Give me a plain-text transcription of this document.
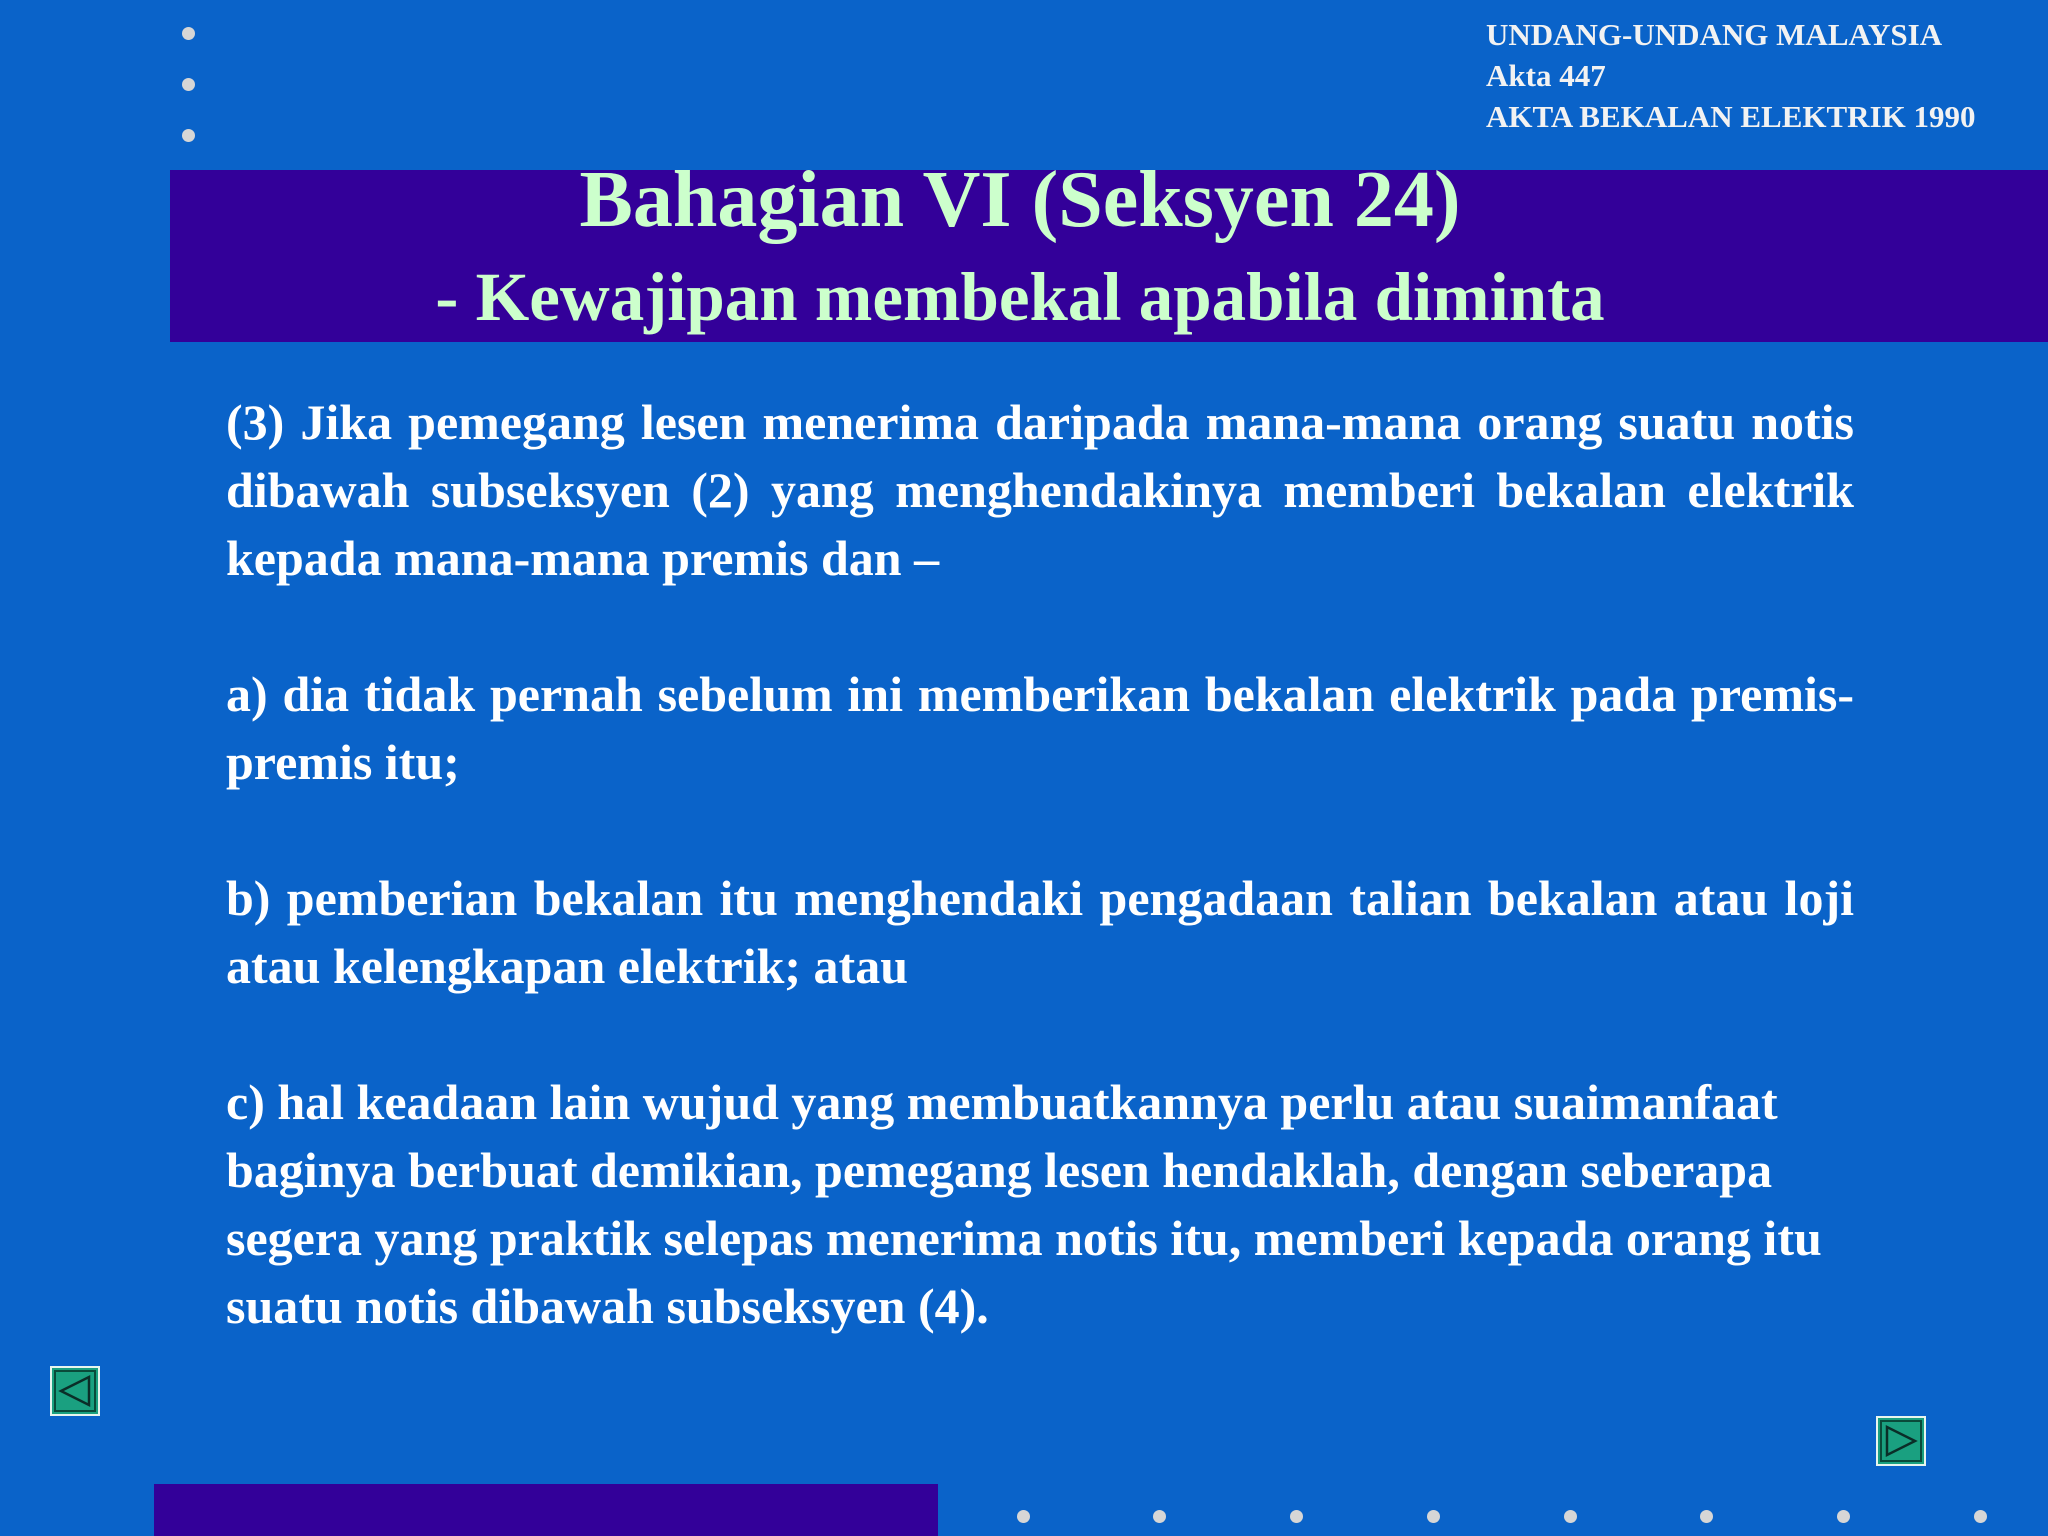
UNDANG-UNDANG MALAYSIA
Akta 447
AKTA BEKALAN ELEKTRIK 1990
Bahagian VI (Seksyen 24)
- Kewajipan membekal apabila diminta

(3) Jika pemegang lesen menerima daripada mana-mana orang suatu notis dibawah subseksyen (2) yang menghendakinya memberi bekalan elektrik kepada mana-mana premis dan –

a) dia tidak pernah sebelum ini memberikan bekalan elektrik pada premis-premis itu;

b) pemberian bekalan itu menghendaki pengadaan talian bekalan atau loji atau kelengkapan elektrik; atau

c) hal keadaan lain wujud yang membuatkannya perlu atau suaimanfaat baginya berbuat demikian, pemegang lesen hendaklah, dengan seberapa segera yang praktik selepas menerima notis itu, memberi kepada orang itu suatu notis dibawah subseksyen (4).
